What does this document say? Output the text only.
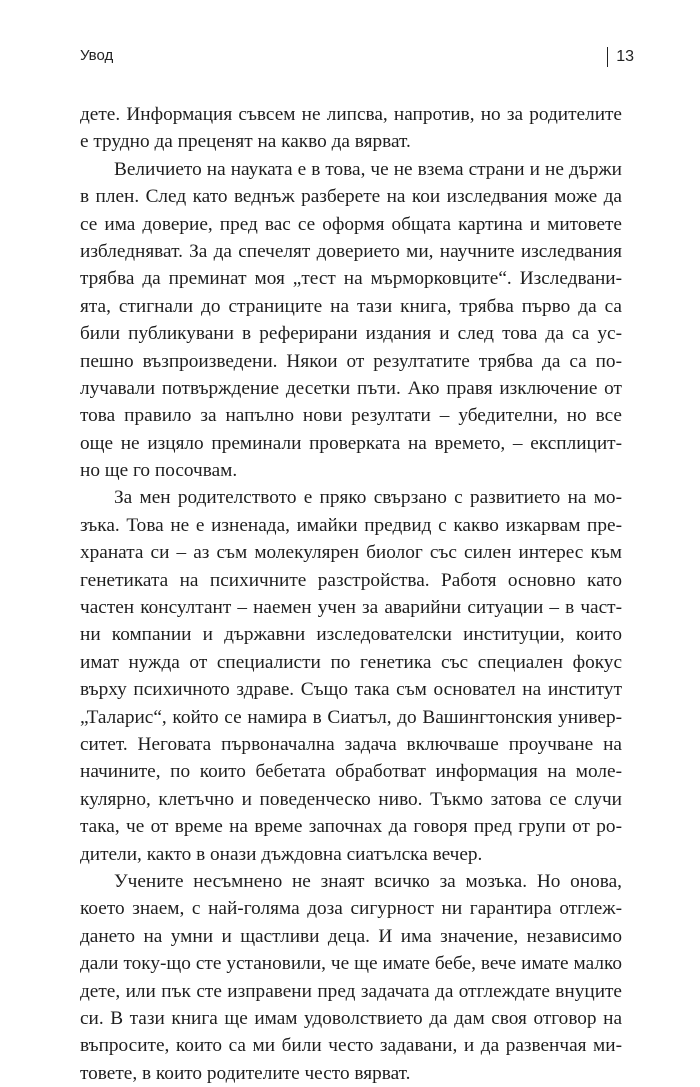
Увод	13

дете. Информация съвсем не липсва, напротив, но за родителите
е трудно да преценят на какво да вярват.

Величието на науката е в това, че не взема страни и не държи
в плен. След като веднъж разберете на кои изследвания може да
се има доверие, пред вас се оформя общата картина и митовете
избледняват. За да спечелят доверието ми, научните изследвания
трябва да преминат моя „тест на мърморковците“. Изследвани-
ята, стигнали до страниците на тази книга, трябва първо да са
били публикувани в реферирани издания и след това да са ус-
пешно възпроизведени. Някои от резултатите трябва да са по-
лучавали потвърждение десетки пъти. Ако правя изключение от
това правило за напълно нови резултати – убедителни, но все
още не изцяло преминали проверката на времето, – експлицит-
но ще го посочвам.

За мен родителството е пряко свързано с развитието на мо-
зъка. Това не е изненада, имайки предвид с какво изкарвам пре-
храната си – аз съм молекулярен биолог със силен интерес към
генетиката на психичните разстройства. Работя основно като
частен консултант – наемен учен за аварийни ситуации – в част-
ни компании и държавни изследователски институции, които
имат нужда от специалисти по генетика със специален фокус
върху психичното здраве. Също така съм основател на институт
„Таларис“, който се намира в Сиатъл, до Вашингтонския универ-
ситет. Неговата първоначална задача включваше проучване на
начините, по които бебетата обработват информация на моле-
кулярно, клетъчно и поведенческо ниво. Тъкмо затова се случи
така, че от време на време започнах да говоря пред групи от ро-
дители, както в онази дъждовна сиатълска вечер.

Учените несъмнено не знаят всичко за мозъка. Но онова,
което знаем, с най-голяма доза сигурност ни гарантира отглеж-
дането на умни и щастливи деца. И има значение, независимо
дали току-що сте установили, че ще имате бебе, вече имате малко
дете, или пък сте изправени пред задачата да отглеждате внуците
си. В тази книга ще имам удоволствието да дам своя отговор на
въпросите, които са ми били често задавани, и да развенчая ми-
товете, в които родителите често вярват.
